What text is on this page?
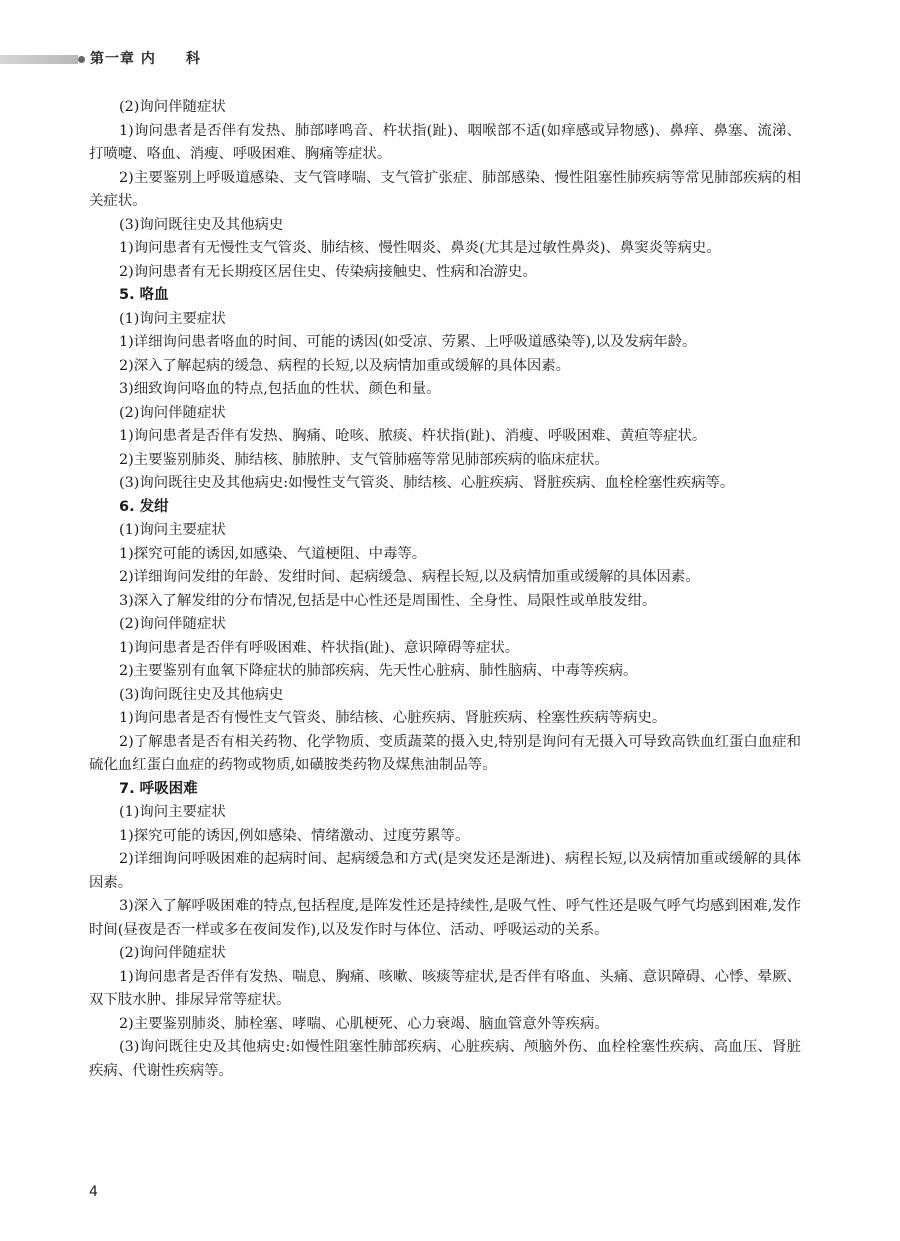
第一章 内　　科

(2)询问伴随症状

1)询问患者是否伴有发热、肺部哮鸣音、杵状指(趾)、咽喉部不适(如痒感或异物感)、鼻痒、鼻塞、流涕、打喷嚏、咯血、消瘦、呼吸困难、胸痛等症状。

2)主要鉴别上呼吸道感染、支气管哮喘、支气管扩张症、肺部感染、慢性阻塞性肺疾病等常见肺部疾病的相关症状。

(3)询问既往史及其他病史

1)询问患者有无慢性支气管炎、肺结核、慢性咽炎、鼻炎(尤其是过敏性鼻炎)、鼻窦炎等病史。

2)询问患者有无长期疫区居住史、传染病接触史、性病和冶游史。

5. 咯血

(1)询问主要症状

1)详细询问患者咯血的时间、可能的诱因(如受凉、劳累、上呼吸道感染等),以及发病年龄。

2)深入了解起病的缓急、病程的长短,以及病情加重或缓解的具体因素。

3)细致询问咯血的特点,包括血的性状、颜色和量。

(2)询问伴随症状

1)询问患者是否伴有发热、胸痛、呛咳、脓痰、杵状指(趾)、消瘦、呼吸困难、黄疸等症状。

2)主要鉴别肺炎、肺结核、肺脓肿、支气管肺癌等常见肺部疾病的临床症状。

(3)询问既往史及其他病史:如慢性支气管炎、肺结核、心脏疾病、肾脏疾病、血栓栓塞性疾病等。

6. 发绀

(1)询问主要症状

1)探究可能的诱因,如感染、气道梗阻、中毒等。

2)详细询问发绀的年龄、发绀时间、起病缓急、病程长短,以及病情加重或缓解的具体因素。

3)深入了解发绀的分布情况,包括是中心性还是周围性、全身性、局限性或单肢发绀。

(2)询问伴随症状

1)询问患者是否伴有呼吸困难、杵状指(趾)、意识障碍等症状。

2)主要鉴别有血氧下降症状的肺部疾病、先天性心脏病、肺性脑病、中毒等疾病。

(3)询问既往史及其他病史

1)询问患者是否有慢性支气管炎、肺结核、心脏疾病、肾脏疾病、栓塞性疾病等病史。

2)了解患者是否有相关药物、化学物质、变质蔬菜的摄入史,特别是询问有无摄入可导致高铁血红蛋白血症和硫化血红蛋白血症的药物或物质,如磺胺类药物及煤焦油制品等。

7. 呼吸困难

(1)询问主要症状

1)探究可能的诱因,例如感染、情绪激动、过度劳累等。

2)详细询问呼吸困难的起病时间、起病缓急和方式(是突发还是渐进)、病程长短,以及病情加重或缓解的具体因素。

3)深入了解呼吸困难的特点,包括程度,是阵发性还是持续性,是吸气性、呼气性还是吸气呼气均感到困难,发作时间(昼夜是否一样或多在夜间发作),以及发作时与体位、活动、呼吸运动的关系。

(2)询问伴随症状

1)询问患者是否伴有发热、喘息、胸痛、咳嗽、咳痰等症状,是否伴有咯血、头痛、意识障碍、心悸、晕厥、双下肢水肿、排尿异常等症状。

2)主要鉴别肺炎、肺栓塞、哮喘、心肌梗死、心力衰竭、脑血管意外等疾病。

(3)询问既往史及其他病史:如慢性阻塞性肺部疾病、心脏疾病、颅脑外伤、血栓栓塞性疾病、高血压、肾脏疾病、代谢性疾病等。

4
